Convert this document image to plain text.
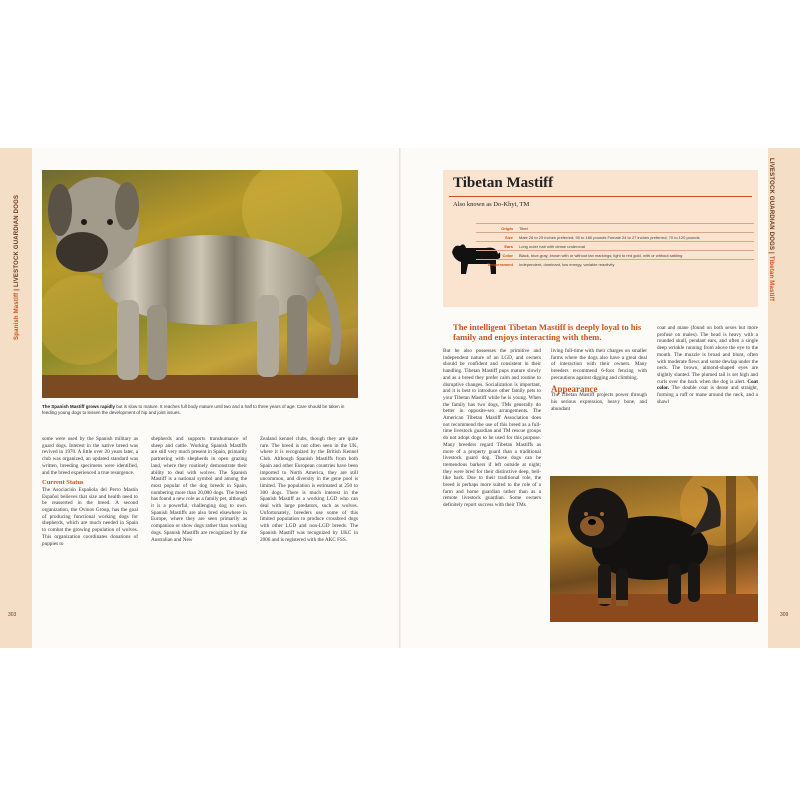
Spanish Mastiff | LIVESTOCK GUARDIAN DOGS	LIVESTOCK GUARDIAN DOGS | Tibetan Mastiff
303	309
The Spanish Mastiff grows rapidly but is slow to mature. It reaches full body mature until two and a half to three years of age. Care should be taken in feeding young dogs to lessen the development of hip and joint issues.

some were used by the Spanish military as guard dogs. Interest in the native breed was revived in 1970. A little over 20 years later, a club was organized, an updated standard was written, breeding specimens were identified, and the breed experienced a true resurgence.

Current Status

The Asociación Española del Perro Mastín Español believes that size and health need to be reasserted in the breed. A second organization, the Ovinos Group, has the goal of producing functional working dogs for shepherds, which are much needed in Spain to combat the growing population of wolves. This organization coordinates donations of puppies to

shepherds and supports transhumance of sheep and cattle. Working Spanish Mastiffs are still very much present in Spain, primarily partnering with shepherds in open grazing land, where they routinely demonstrate their ability to deal with wolves. The Spanish Mastiff is a national symbol and among the most popular of the dog breeds in Spain, numbering more than 20,000 dogs. The breed has found a new role as a family pet, although it is a powerful, challenging dog to own. Spanish Mastiffs are also bred elsewhere in Europe, where they are seen primarily as companion or show dogs rather than working dogs. Spanish Mastiffs are recognized by the Australian and New

Zealand kennel clubs, though they are quite rare. The breed is not often seen in the UK, where it is recognized by the British Kennel Club. Although Spanish Mastiffs from both Spain and other European countries have been imported to North America, they are still uncommon, and diversity in the gene pool is limited. The population is estimated at 250 to 300 dogs. There is much interest in the Spanish Mastiff as a working LGD who can deal with large predators, such as wolves. Unfortunately, breeders use some of this limited population to produce crossbred dogs with other LGD and non-LGD breeds. The Spanish Mastiff was recognized by UKC in 2006 and is registered with the AKC FSS.

Tibetan Mastiff
Also known as Do-Khyi, TM
Origin	Tibet
Size	Male 26 to 29 inches preferred; 90 to 160 pounds Female 24 to 27 inches preferred; 70 to 120 pounds
Ears	Long outer hair with dense undercoat
Color	Black, blue-gray, brown with or without tan markings; light to red gold, with or without sabling
Temperament	Independent, dominant, low energy, variable reactivity
The intelligent Tibetan Mastiff is deeply loyal to his family and enjoys interacting with them.

But he also possesses the primitive and independent nature of an LGD, and owners should be confident and consistent in their handling. Tibetan Mastiff pups mature slowly and as a breed they prefer calm and routine to disruptive changes. Socialization is important, and it is best to introduce other family pets to your Tibetan Mastiff while he is young. When the family has two dogs, TMs generally do better in opposite-sex arrangements. The American Tibetan Mastiff Association does not recommend the use of this breed as a full-time livestock guardian and TM rescue groups do not adopt dogs to be used for this purpose. Many breeders regard Tibetan Mastiffs as more of a property guard than a traditional livestock guard dog. These dogs can be tremendous barkers if left outside at night; they were bred for their distinctive deep, bell-like bark. Due to their traditional role, the breed is perhaps more suited to the role of a farm and home guardian rather than as a remote livestock guardian. Some owners definitely report success with their TMs

living full-time with their charges on smaller farms where the dogs also have a great deal of interaction with their owners. Many breeders recommend 6-foot fencing with precautions against digging and climbing.

Appearance

The Tibetan Mastiff projects power through his serious expression, heavy bone, and abundant

coat and mane (found on both sexes but more profuse on males). The head is heavy with a rounded skull, pendant ears, and often a single deep wrinkle running from above the eye to the mouth. The muzzle is broad and blunt, often with moderate flews and some dewlap under the neck. The brown, almond-shaped eyes are slightly slanted. The plumed tail is set high and curls over the back when the dog is alert. Coat color. The double coat is dense and straight, forming a ruff or mane around the neck, and a shawl
